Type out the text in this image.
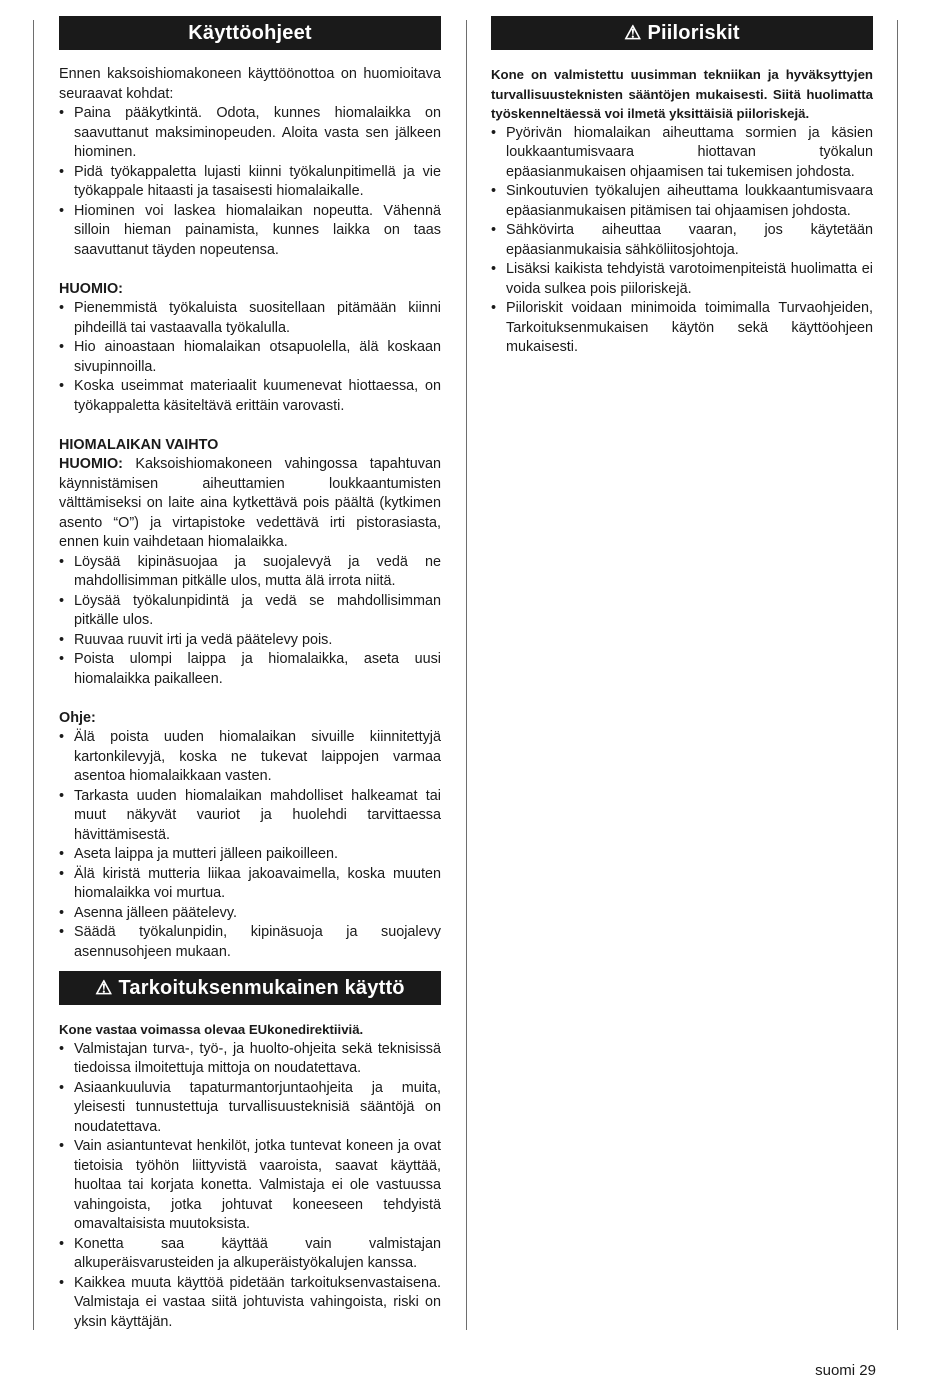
Käyttöohjeet

Ennen kaksoishiomakoneen käyttöönottoa on huomioitava seuraavat kohdat:

• Paina pääkytkintä. Odota, kunnes hiomalaikka on saavuttanut maksiminopeuden. Aloita vasta sen jälkeen hiominen.
• Pidä työkappaletta lujasti kiinni työkalunpitimellä ja vie työkappale hitaasti ja tasaisesti hiomalaikalle.
• Hiominen voi laskea hiomalaikan nopeutta. Vähennä silloin hieman painamista, kunnes laikka on taas saavuttanut täyden nopeutensa.

HUOMIO:

• Pienemmistä työkaluista suositellaan pitämään kiinni pihdeillä tai vastaavalla työkalulla.
• Hio ainoastaan hiomalaikan otsapuolella, älä koskaan sivupinnoilla.
• Koska useimmat materiaalit kuumenevat hiottaessa, on työkappaletta käsiteltävä erittäin varovasti.

HIOMALAIKAN VAIHTO

HUOMIO: Kaksoishiomakoneen vahingossa tapahtuvan käynnistämisen aiheuttamien loukkaantumisten välttämiseksi on laite aina kytkettävä pois päältä (kytkimen asento “O”) ja virtapistoke vedettävä irti pistorasiasta, ennen kuin vaihdetaan hiomalaikka.

• Löysää kipinäsuojaa ja suojalevyä ja vedä ne mahdollisimman pitkälle ulos, mutta älä irrota niitä.
• Löysää työkalunpidintä ja vedä se mahdollisimman pitkälle ulos.
• Ruuvaa ruuvit irti ja vedä päätelevy pois.
• Poista ulompi laippa ja hiomalaikka, aseta uusi hiomalaikka paikalleen.

Ohje:

• Älä poista uuden hiomalaikan sivuille kiinnitettyjä kartonkilevyjä, koska ne tukevat laippojen varmaa asentoa hiomalaikkaan vasten.
• Tarkasta uuden hiomalaikan mahdolliset halkeamat tai muut näkyvät vauriot ja huolehdi tarvittaessa hävittämisestä.
• Aseta laippa ja mutteri jälleen paikoilleen.
• Älä kiristä mutteria liikaa jakoavaimella, koska muuten hiomalaikka voi murtua.
• Asenna jälleen päätelevy.
• Säädä työkalunpidin, kipinäsuoja ja suojalevy asennusohjeen mukaan.
⚠ Tarkoituksenmukainen käyttö

Kone vastaa voimassa olevaa EUkonedirektiiviä.

• Valmistajan turva-, työ-, ja huolto-ohjeita sekä teknisissä tiedoissa ilmoitettuja mittoja on noudatettava.
• Asiaankuuluvia tapaturmantorjuntaohjeita ja muita, yleisesti tunnustettuja turvallisuusteknisiä sääntöjä on noudatettava.
• Vain asiantuntevat henkilöt, jotka tuntevat koneen ja ovat tietoisia työhön liittyvistä vaaroista, saavat käyttää, huoltaa tai korjata konetta. Valmistaja ei ole vastuussa vahingoista, jotka johtuvat koneeseen tehdyistä omavaltaisista muutoksista.
• Konetta saa käyttää vain valmistajan alkuperäisvarusteiden ja alkuperäistyökalujen kanssa.
• Kaikkea muuta käyttöä pidetään tarkoituksenvastaisena. Valmistaja ei vastaa siitä johtuvista vahingoista, riski on yksin käyttäjän.
⚠ Piiloriskit

Kone on valmistettu uusimman tekniikan ja hyväksyttyjen turvallisuusteknisten sääntöjen mukaisesti. Siitä huolimatta työskenneltäessä voi ilmetä yksittäisiä piiloriskejä.

• Pyörivän hiomalaikan aiheuttama sormien ja käsien loukkaantumisvaara hiottavan työkalun epäasianmukaisen ohjaamisen tai tukemisen johdosta.
• Sinkoutuvien työkalujen aiheuttama loukkaantumisvaara epäasianmukaisen pitämisen tai ohjaamisen johdosta.
• Sähkövirta aiheuttaa vaaran, jos käytetään epäasianmukaisia sähköliitosjohtoja.
• Lisäksi kaikista tehdyistä varotoimenpiteistä huolimatta ei voida sulkea pois piiloriskejä.
• Piiloriskit voidaan minimoida toimimalla Turvaohjeiden, Tarkoituksenmukaisen käytön sekä käyttöohjeen mukaisesti.
suomi 29
